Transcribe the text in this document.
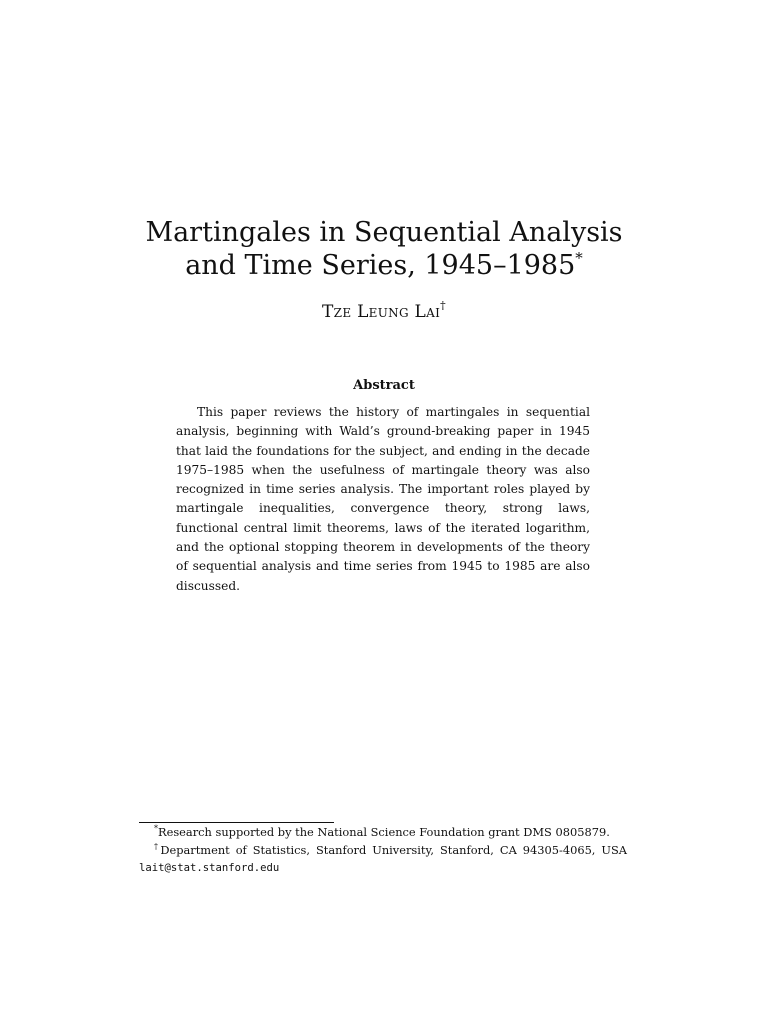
Martingales in Sequential Analysis
and Time Series, 1945–1985*

Tze Leung Lai†

Abstract

This paper reviews the history of martingales in sequential analysis, beginning with Wald’s ground-breaking paper in 1945 that laid the foundations for the subject, and ending in the decade 1975–1985 when the usefulness of martingale theory was also recognized in time series analysis. The important roles played by martingale inequalities, convergence theory, strong laws, functional central limit theorems, laws of the iterated logarithm, and the optional stopping theorem in developments of the theory of sequential analysis and time series from 1945 to 1985 are also discussed.

*Research supported by the National Science Foundation grant DMS 0805879.

†Department of Statistics, Stanford University, Stanford, CA 94305-4065, USA

lait@stat.stanford.edu
